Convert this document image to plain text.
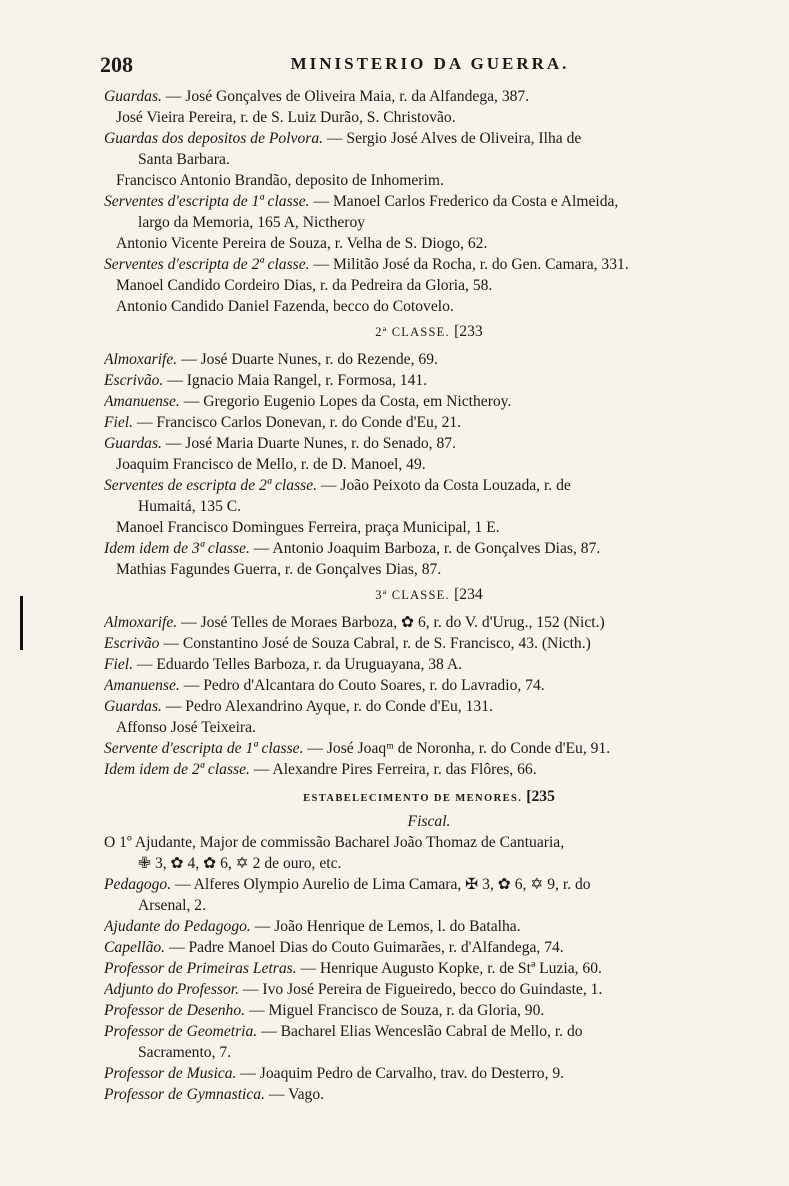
208	MINISTERIO DA GUERRA.
Guardas. — José Gonçalves de Oliveira Maia, r. da Alfandega, 387.
José Vieira Pereira, r. de S. Luiz Durão, S. Christovão.
Guardas dos depositos de Polvora. — Sergio José Alves de Oliveira, Ilha de
Santa Barbara.
Francisco Antonio Brandão, deposito de Inhomerim.
Serventes d'escripta de 1ª classe. — Manoel Carlos Frederico da Costa e Almeida,
largo da Memoria, 165 A, Nictheroy
Antonio Vicente Pereira de Souza, r. Velha de S. Diogo, 62.
Serventes d'escripta de 2ª classe. — Militão José da Rocha, r. do Gen. Camara, 331.
Manoel Candido Cordeiro Dias, r. da Pedreira da Gloria, 58.
Antonio Candido Daniel Fazenda, becco do Cotovelo.
2ª CLASSE. [233
Almoxarife. — José Duarte Nunes, r. do Rezende, 69.
Escrivão. — Ignacio Maia Rangel, r. Formosa, 141.
Amanuense. — Gregorio Eugenio Lopes da Costa, em Nictheroy.
Fiel. — Francisco Carlos Donevan, r. do Conde d'Eu, 21.
Guardas. — José Maria Duarte Nunes, r. do Senado, 87.
Joaquim Francisco de Mello, r. de D. Manoel, 49.
Serventes de escripta de 2ª classe. — João Peixoto da Costa Louzada, r. de
Humaitá, 135 C.
Manoel Francisco Domingues Ferreira, praça Municipal, 1 E.
Idem idem de 3ª classe. — Antonio Joaquim Barboza, r. de Gonçalves Dias, 87.
Mathias Fagundes Guerra, r. de Gonçalves Dias, 87.
3ª CLASSE. [234
Almoxarife. — José Telles de Moraes Barboza, ✿ 6, r. do V. d'Urug., 152 (Nict.)
Escrivão — Constantino José de Souza Cabral, r. de S. Francisco, 43. (Nicth.)
Fiel. — Eduardo Telles Barboza, r. da Uruguayana, 38 A.
Amanuense. — Pedro d'Alcantara do Couto Soares, r. do Lavradio, 74.
Guardas. — Pedro Alexandrino Ayque, r. do Conde d'Eu, 131.
Affonso José Teixeira.
Servente d'escripta de 1ª classe. — José Joaqᵐ de Noronha, r. do Conde d'Eu, 91.
Idem idem de 2ª classe. — Alexandre Pires Ferreira, r. das Flôres, 66.
ESTABELECIMENTO DE MENORES. [235
Fiscal.
O 1º Ajudante, Major de commissão Bacharel João Thomaz de Cantuaria,
✙ 3, ✿ 4, ✿ 6, ✡ 2 de ouro, etc.
Pedagogo. — Alferes Olympio Aurelio de Lima Camara, ✠ 3, ✿ 6, ✡ 9, r. do
Arsenal, 2.
Ajudante do Pedagogo. — João Henrique de Lemos, l. do Batalha.
Capellão. — Padre Manoel Dias do Couto Guimarães, r. d'Alfandega, 74.
Professor de Primeiras Letras. — Henrique Augusto Kopke, r. de Stª Luzia, 60.
Adjunto do Professor. — Ivo José Pereira de Figueiredo, becco do Guindaste, 1.
Professor de Desenho. — Miguel Francisco de Souza, r. da Gloria, 90.
Professor de Geometria. — Bacharel Elias Wenceslão Cabral de Mello, r. do
Sacramento, 7.
Professor de Musica. — Joaquim Pedro de Carvalho, trav. do Desterro, 9.
Professor de Gymnastica. — Vago.
